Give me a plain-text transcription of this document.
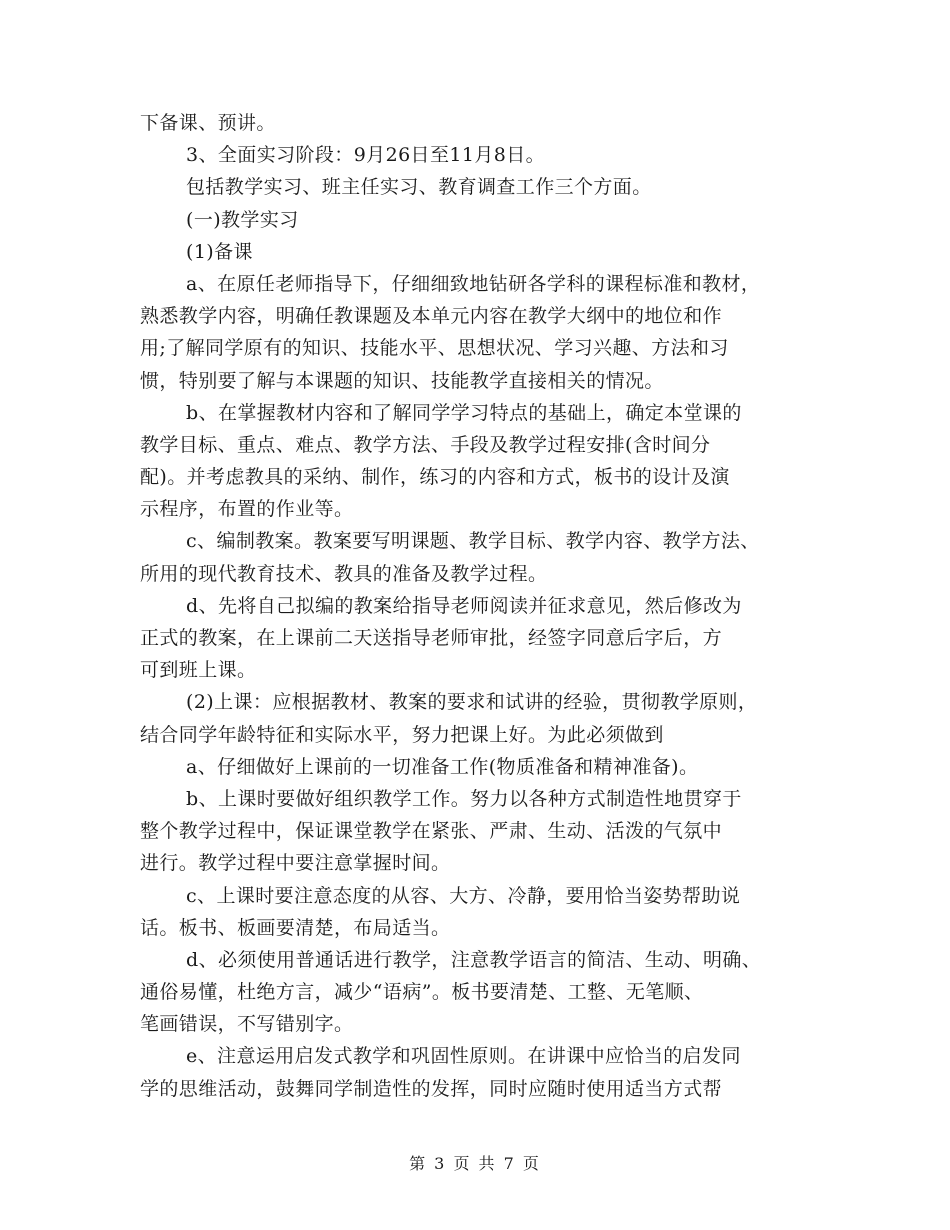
下备课、预讲。
3、全面实习阶段：9月26日至11月8日。
包括教学实习、班主任实习、教育调查工作三个方面。
(一)教学实习
(1)备课
a、在原任老师指导下，仔细细致地钻研各学科的课程标准和教材，
熟悉教学内容，明确任教课题及本单元内容在教学大纲中的地位和作
用;了解同学原有的知识、技能水平、思想状况、学习兴趣、方法和习
惯，特别要了解与本课题的知识、技能教学直接相关的情况。
b、在掌握教材内容和了解同学学习特点的基础上，确定本堂课的
教学目标、重点、难点、教学方法、手段及教学过程安排(含时间分
配)。并考虑教具的采纳、制作，练习的内容和方式，板书的设计及演
示程序，布置的作业等。
c、编制教案。教案要写明课题、教学目标、教学内容、教学方法、
所用的现代教育技术、教具的准备及教学过程。
d、先将自己拟编的教案给指导老师阅读并征求意见，然后修改为
正式的教案，在上课前二天送指导老师审批，经签字同意后字后，方
可到班上课。
(2)上课：应根据教材、教案的要求和试讲的经验，贯彻教学原则，
结合同学年龄特征和实际水平，努力把课上好。为此必须做到
a、仔细做好上课前的一切准备工作(物质准备和精神准备)。
b、上课时要做好组织教学工作。努力以各种方式制造性地贯穿于
整个教学过程中，保证课堂教学在紧张、严肃、生动、活泼的气氛中
进行。教学过程中要注意掌握时间。
c、上课时要注意态度的从容、大方、冷静，要用恰当姿势帮助说
话。板书、板画要清楚，布局适当。
d、必须使用普通话进行教学，注意教学语言的简洁、生动、明确、
通俗易懂，杜绝方言，减少“语病”。板书要清楚、工整、无笔顺、
笔画错误，不写错别字。
e、注意运用启发式教学和巩固性原则。在讲课中应恰当的启发同
学的思维活动，鼓舞同学制造性的发挥，同时应随时使用适当方式帮
第 3 页 共 7 页
